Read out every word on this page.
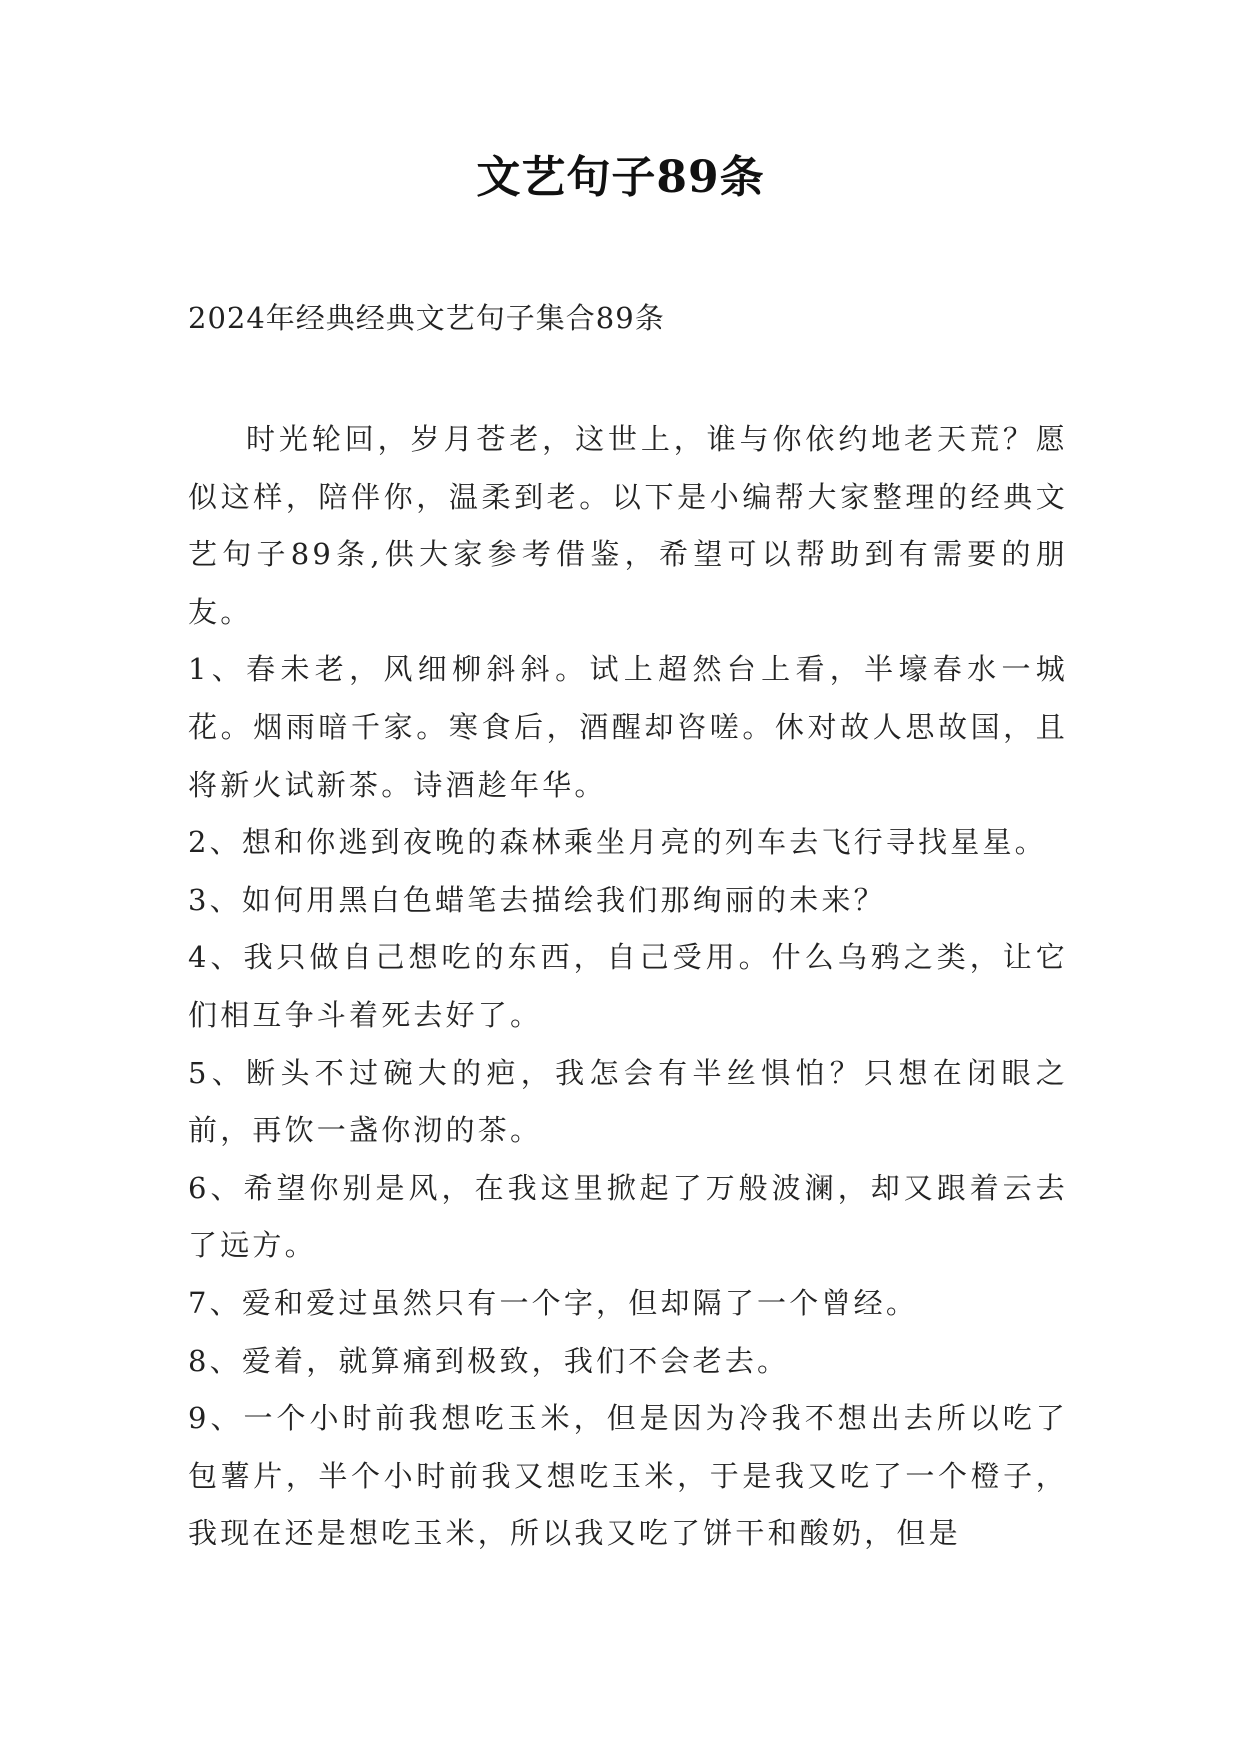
文艺句子89条
2024年经典经典文艺句子集合89条

时光轮回，岁月苍老，这世上，谁与你依约地老天荒？愿似这样，陪伴你，温柔到老。以下是小编帮大家整理的经典文艺句子89条,供大家参考借鉴，希望可以帮助到有需要的朋友。

1、春未老，风细柳斜斜。试上超然台上看，半壕春水一城花。烟雨暗千家。寒食后，酒醒却咨嗟。休对故人思故国，且将新火试新茶。诗酒趁年华。

2、想和你逃到夜晚的森林乘坐月亮的列车去飞行寻找星星。

3、如何用黑白色蜡笔去描绘我们那绚丽的未来？

4、我只做自己想吃的东西，自己受用。什么乌鸦之类，让它们相互争斗着死去好了。

5、断头不过碗大的疤，我怎会有半丝惧怕？只想在闭眼之前，再饮一盏你沏的茶。

6、希望你别是风，在我这里掀起了万般波澜，却又跟着云去了远方。

7、爱和爱过虽然只有一个字，但却隔了一个曾经。

8、爱着，就算痛到极致，我们不会老去。

9、一个小时前我想吃玉米，但是因为冷我不想出去所以吃了包薯片，半个小时前我又想吃玉米，于是我又吃了一个橙子，我现在还是想吃玉米，所以我又吃了饼干和酸奶，但是
